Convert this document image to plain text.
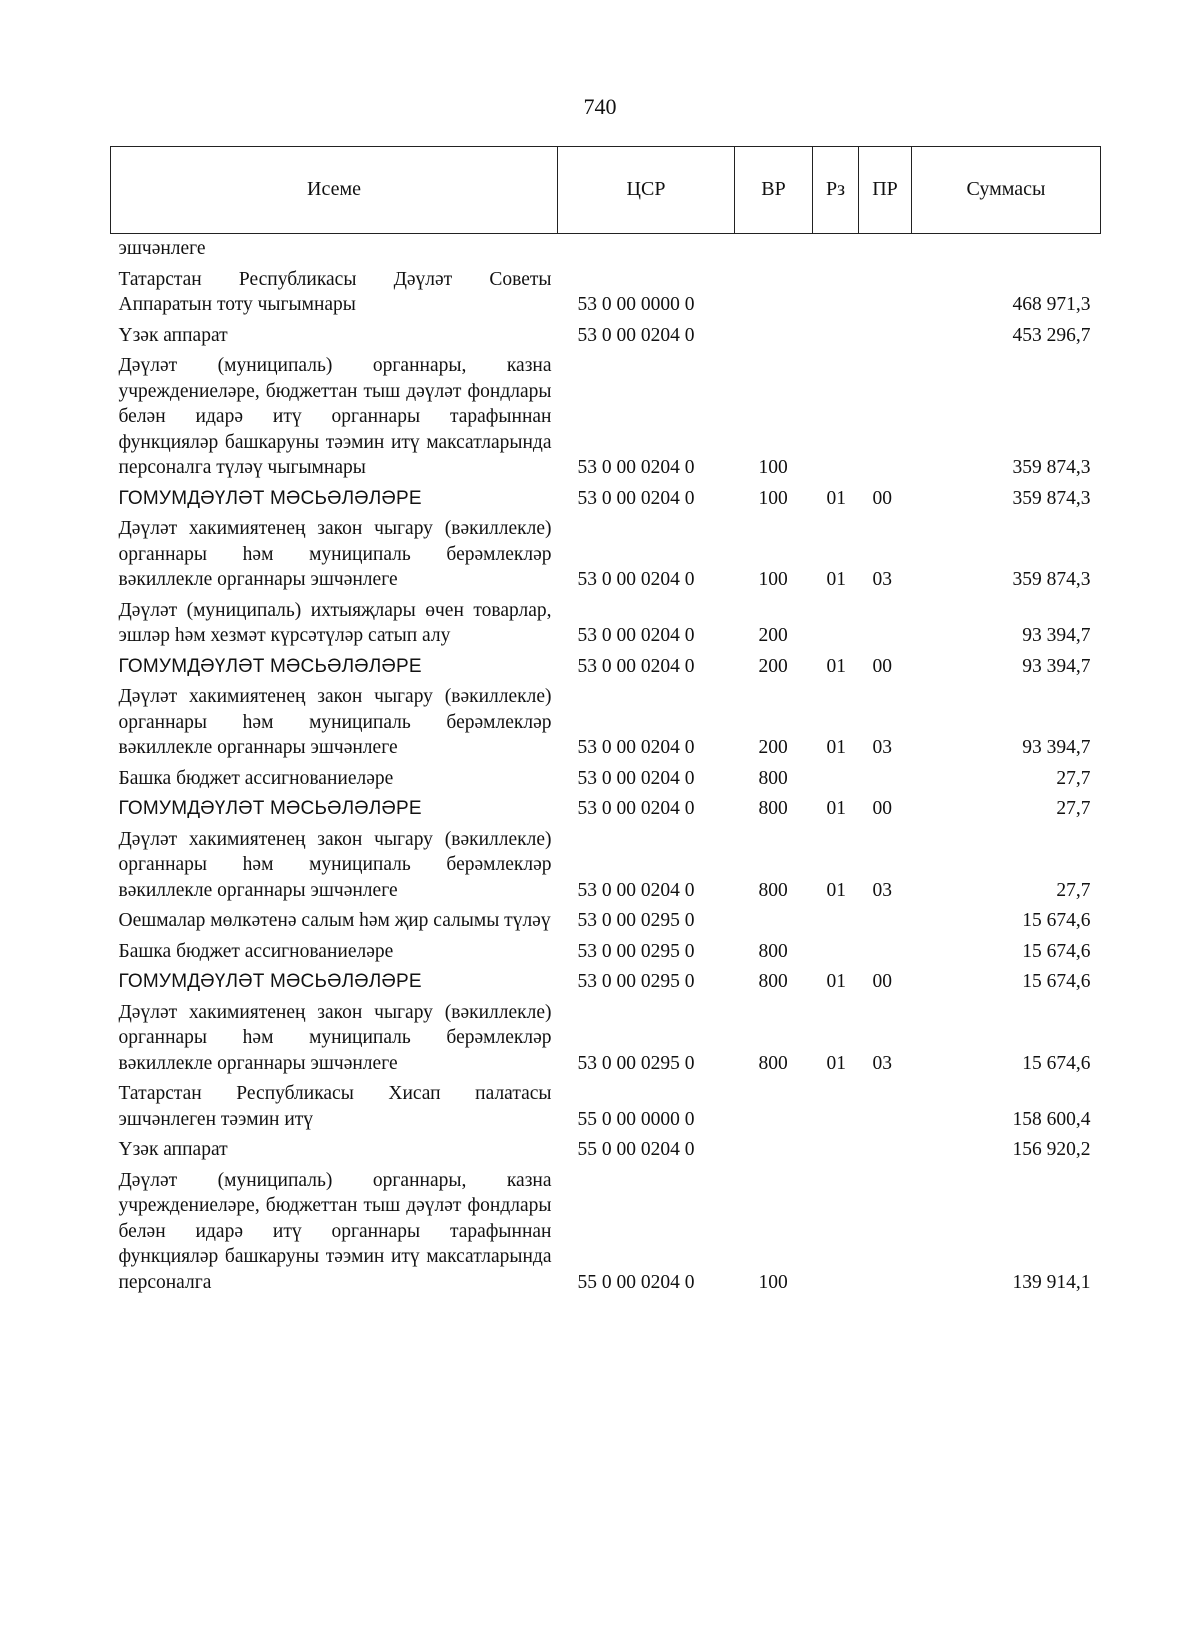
740
Исеме	ЦСР	ВР	Рз	ПР	Суммасы
эшчәнлеге					
Татарстан Республикасы Дәүләт Советы Аппаратын тоту чыгымнары	53 0 00 0000 0				468 971,3
Үзәк аппарат	53 0 00 0204 0				453 296,7
Дәүләт (муниципаль) органнары, казна учреждениеләре, бюджеттан тыш дәүләт фондлары белән идарә итү органнары тарафыннан функцияләр башкаруны тәэмин итү максатларында персоналга түләү чыгымнары	53 0 00 0204 0	100			359 874,3
ГОМУМДӘҮЛӘТ МӘСЬӘЛӘЛӘРЕ	53 0 00 0204 0	100	01	00	359 874,3
Дәүләт хакимиятенең закон чыгару (вәкиллекле) органнары һәм муниципаль берәмлекләр вәкиллекле органнары эшчәнлеге	53 0 00 0204 0	100	01	03	359 874,3
Дәүләт (муниципаль) ихтыяҗлары өчен товарлар, эшләр һәм хезмәт күрсәтүләр сатып алу	53 0 00 0204 0	200			93 394,7
ГОМУМДӘҮЛӘТ МӘСЬӘЛӘЛӘРЕ	53 0 00 0204 0	200	01	00	93 394,7
Дәүләт хакимиятенең закон чыгару (вәкиллекле) органнары һәм муниципаль берәмлекләр вәкиллекле органнары эшчәнлеге	53 0 00 0204 0	200	01	03	93 394,7
Башка бюджет ассигнованиеләре	53 0 00 0204 0	800			27,7
ГОМУМДӘҮЛӘТ МӘСЬӘЛӘЛӘРЕ	53 0 00 0204 0	800	01	00	27,7
Дәүләт хакимиятенең закон чыгару (вәкиллекле) органнары һәм муниципаль берәмлекләр вәкиллекле органнары эшчәнлеге	53 0 00 0204 0	800	01	03	27,7
Оешмалар мөлкәтенә салым һәм җир салымы түләү	53 0 00 0295 0				15 674,6
Башка бюджет ассигнованиеләре	53 0 00 0295 0	800			15 674,6
ГОМУМДӘҮЛӘТ МӘСЬӘЛӘЛӘРЕ	53 0 00 0295 0	800	01	00	15 674,6
Дәүләт хакимиятенең закон чыгару (вәкиллекле) органнары һәм муниципаль берәмлекләр вәкиллекле органнары эшчәнлеге	53 0 00 0295 0	800	01	03	15 674,6
Татарстан Республикасы Хисап палатасы эшчәнлеген тәэмин итү	55 0 00 0000 0				158 600,4
Үзәк аппарат	55 0 00 0204 0				156 920,2
Дәүләт (муниципаль) органнары, казна учреждениеләре, бюджеттан тыш дәүләт фондлары белән идарә итү органнары тарафыннан функцияләр башкаруны тәэмин итү максатларында персоналга	55 0 00 0204 0	100			139 914,1
